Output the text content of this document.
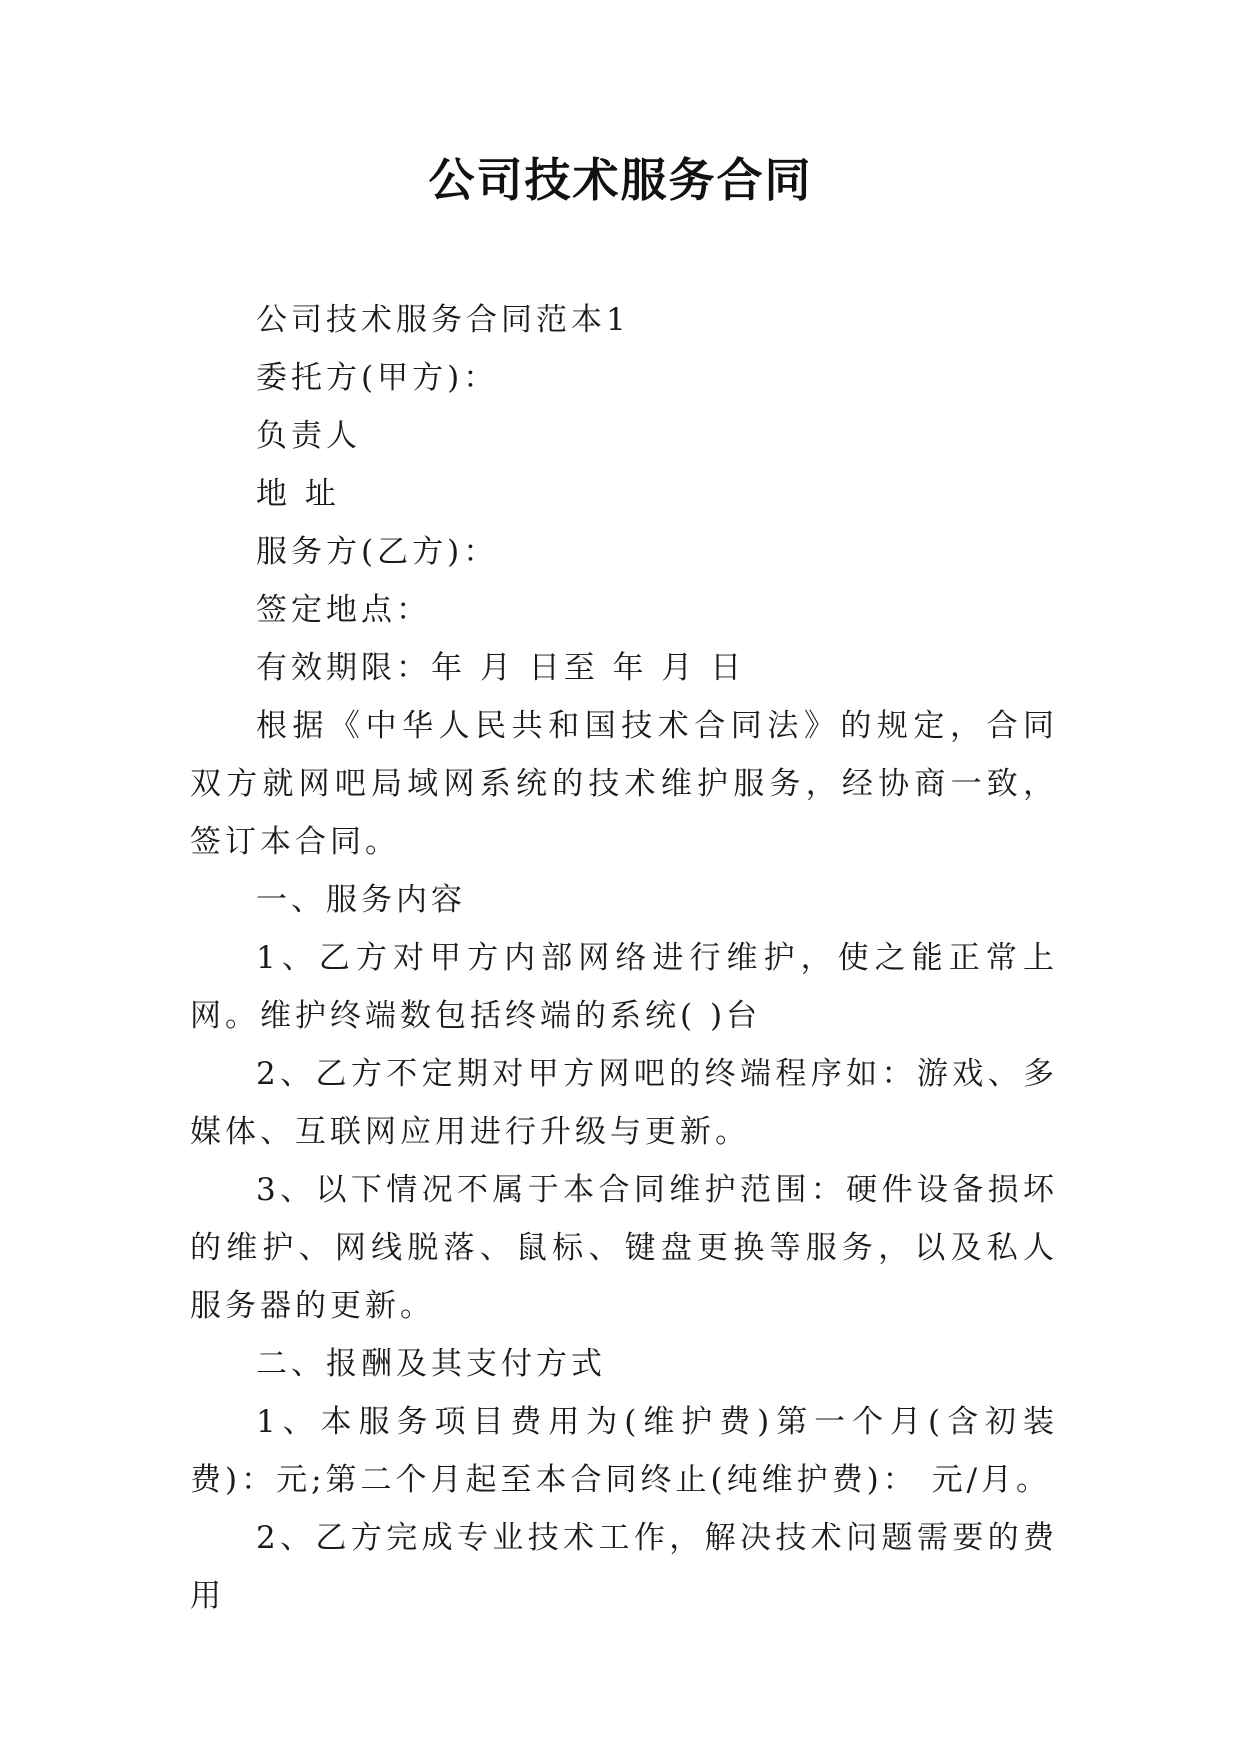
公司技术服务合同

公司技术服务合同范本1

委托方(甲方)：

负责人

地 址

服务方(乙方)：

签定地点：

有效期限：年 月 日至 年 月 日

根据《中华人民共和国技术合同法》的规定，合同双方就网吧局域网系统的技术维护服务，经协商一致，签订本合同。

一、服务内容

1、乙方对甲方内部网络进行维护，使之能正常上网。维护终端数包括终端的系统( )台

2、乙方不定期对甲方网吧的终端程序如：游戏、多媒体、互联网应用进行升级与更新。

3、以下情况不属于本合同维护范围：硬件设备损坏的维护、网线脱落、鼠标、键盘更换等服务，以及私人服务器的更新。

二、报酬及其支付方式

1、本服务项目费用为(维护费)第一个月(含初装费)：元;第二个月起至本合同终止(纯维护费)： 元/月。

2、乙方完成专业技术工作，解决技术问题需要的费用
